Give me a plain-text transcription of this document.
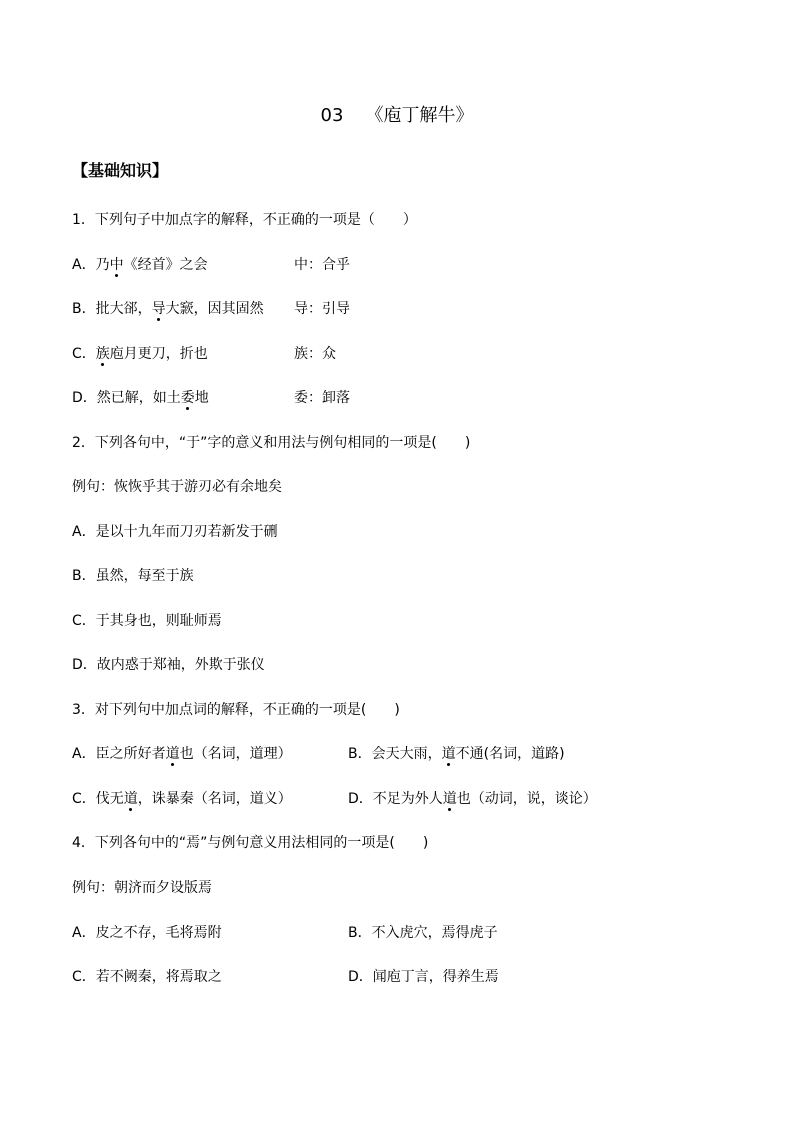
03 《庖丁解牛》
【基础知识】
1．下列句子中加点字的解释，不正确的一项是（　　）
A．乃中《经首》之会	中：合乎
B．批大郤，导大窾，因其固然 导：引导
C．族庖月更刀，折也	族：众
D．然已解，如土委地	委：卸落
2．下列各句中，“于”字的意义和用法与例句相同的一项是(　　)
例句：恢恢乎其于游刃必有余地矣
A．是以十九年而刀刃若新发于硎
B．虽然，每至于族
C．于其身也，则耻师焉
D．故内惑于郑袖，外欺于张仪
3．对下列句中加点词的解释，不正确的一项是(　　)
A．臣之所好者道也（名词，道理）	B．会天大雨，道不通(名词，道路)
C．伐无道，诛暴秦（名词，道义）	D．不足为外人道也（动词，说，谈论）
4．下列各句中的“焉”与例句意义用法相同的一项是(　　)
例句：朝济而夕设版焉
A．皮之不存，毛将焉附	B．不入虎穴，焉得虎子
C．若不阙秦，将焉取之	D．闻庖丁言，得养生焉
